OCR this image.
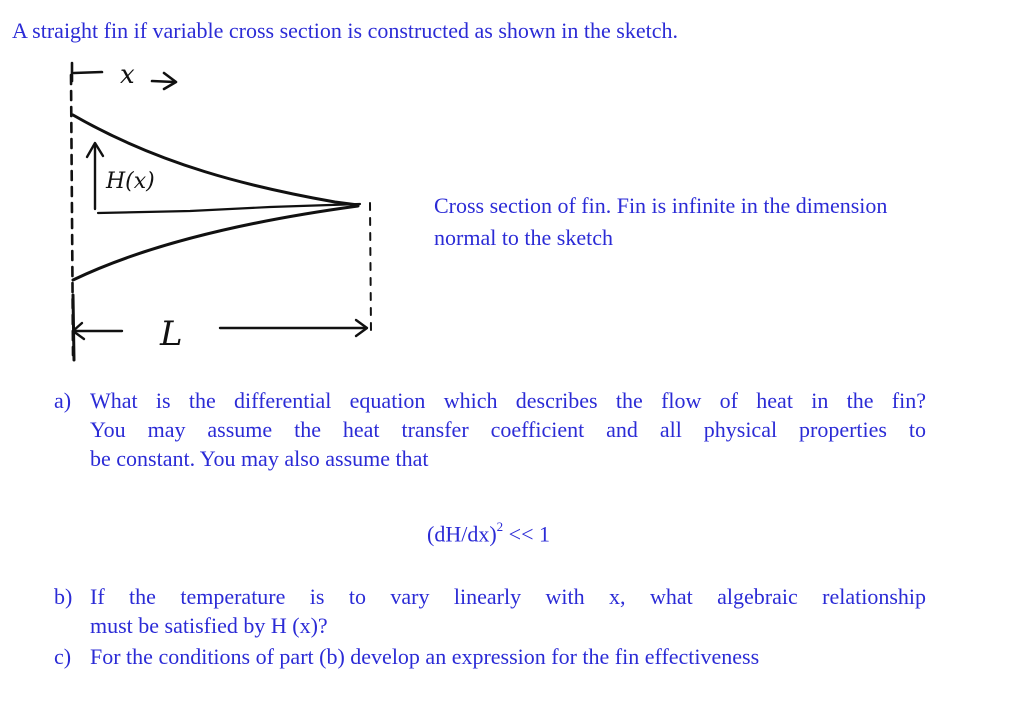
A straight fin if variable cross section is constructed as shown in the sketch.
x
H(x)
L
Cross section of fin. Fin is infinite in the dimension
normal to the sketch
a) What is the differential equation which describes the flow of heat in the fin?
You may assume the heat transfer coefficient and all physical properties to
be constant. You may also assume that
$(dH/dx)^2 << 1$
b) If the temperature is to vary linearly with x, what algebraic relationship
must be satisfied by H (x)?
c) For the conditions of part (b) develop an expression for the fin effectiveness
